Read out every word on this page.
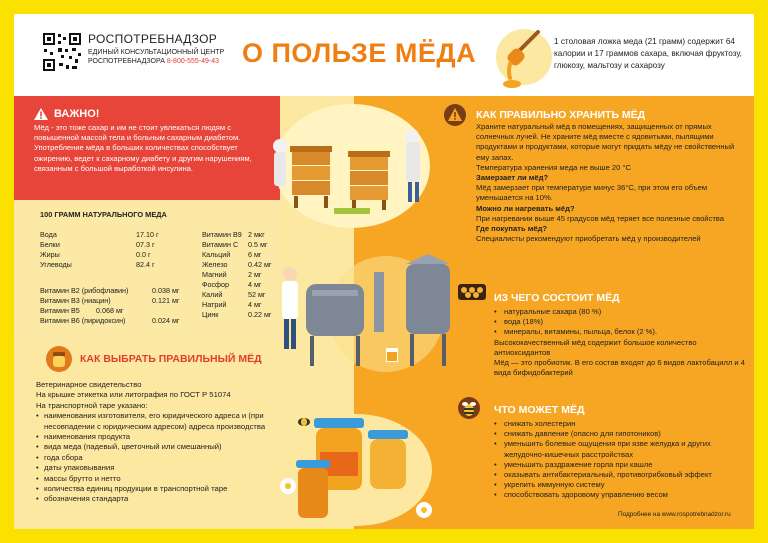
РОСПОТРЕБНАДЗОР
ЕДИНЫЙ КОНСУЛЬТАЦИОННЫЙ ЦЕНТР
РОСПОТРЕБНАДЗОРА 8-800-555-49-43 О ПОЛЬЗЕ МЁДА	1 столовая ложка меда (21 грамм) содержит 64 калории и 17 граммов сахара, включая фруктозу, глюкозу, мальтозу и сахарозу
ВАЖНО!
Мёд - это тоже сахар и им не стоит увлекаться людям с повышенной массой тела и больным сахарным диабетом. Употребление мёда в больших количествах способствует ожирению, ведет к сахарному диабету и другим нарушениям, связанным с большой выработкой инсулина.
100 ГРАММ НАТУРАЛЬНОГО МЕДА
Вода	17.10 г
Белки	07.3 г
Жиры	0.0 г
Углеводы	82.4 г
Витамин В2 (рибофлавин)	0.038 мг
Витамин В3 (ниацин)	0.121 мг
Витамин В5	0.068 мг
Витамин В6 (пиридоксин)	0.024 мг
Витамин В9 2 мкг
Витамин С	0.5 мг
Кальций	6 мг
Железо	0.42 мг
Магний	2 мг
Фосфор	4 мг
Калий	52 мг
Натрий	4 мг
Цинк	0.22 мг
КАК ВЫБРАТЬ ПРАВИЛЬНЫЙ МЁД
Ветеринарное свидетельство
На крышке этикетка или литография по ГОСТ Р 51074
На транспортной таре указано:
• наименования изготовителя, его юридического адреса и (при несовпадении с юридическим адресом) адреса производства
• наименования продукта
• вида меда (падевый, цветочный или смешанный)
• года сбора
• даты упаковывания
• массы брутто и нетто
• количества единиц продукции в транспортной таре
• обозначения стандарта
КАК ПРАВИЛЬНО ХРАНИТЬ МЁД
Храните натуральный мёд в помещениях, защищенных от прямых солнечных лучей. Не храните мёд вместе с ядовитыми, пылящими продуктами и продуктами, которые могут придать мёду не свойственный ему запах.
Температура хранения меда не выше 20 °С
Замерзает ли мёд?
Мёд замерзает при температуре минус 36°С, при этом его объем уменьшается на 10%.
Можно ли нагревать мёд?
При нагревании выше 45 градусов мёд теряет все полезные свойства
Где покупать мёд?
Специалисты рекомендуют приобретать мёд у производителей
ИЗ ЧЕГО СОСТОИТ МЁД
• натуральные сахара (80 %)
• вода (18%)
• минералы, витамины, пыльца, белок (2 %).
Высококачественный мёд содержит большое количество антиоксидантов
Мёд — это пробиотик. В его состав входят до 6 видов лактобацилл и 4 вида бифидобактерий
ЧТО МОЖЕТ МЁД
• снижать холестерин
• снижать давление (опасно для гипотоников)
• уменьшить болевые ощущения при язве желудка и других желудочно-кишечных расстройствах
• уменьшить раздражение горла при кашле
• оказывать антибактериальный, противогрибковый эффект
• укрепить иммунную систему
• способствовать здоровому управлению весом
Подробнее на www.rospotrebnadzor.ru
